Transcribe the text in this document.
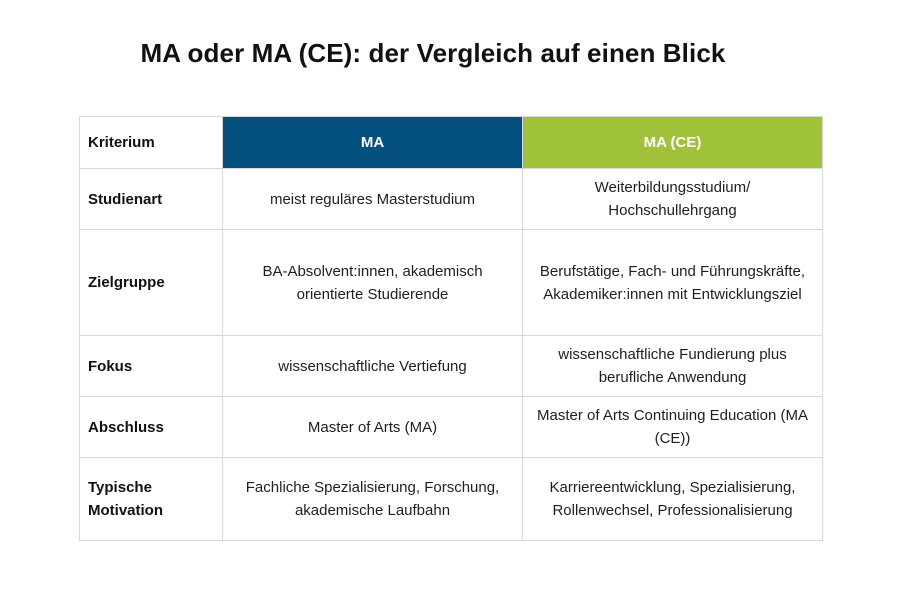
MA oder MA (CE): der Vergleich auf einen Blick
Kriterium	MA	MA (CE)
Studienart	meist reguläres Masterstudium	Weiterbildungsstudium/ Hochschullehrgang
Zielgruppe	BA-Absolvent:innen, akademisch orientierte Studierende	Berufstätige, Fach- und Führungskräfte, Akademiker:innen mit Entwicklungsziel
Fokus	wissenschaftliche Vertiefung	wissenschaftliche Fundierung plus berufliche Anwendung
Abschluss	Master of Arts (MA)	Master of Arts Continuing Education (MA (CE))
Typische Motivation	Fachliche Spezialisierung, Forschung, akademische Laufbahn	Karriereentwicklung, Spezialisierung, Rollenwechsel, Professionalisierung
